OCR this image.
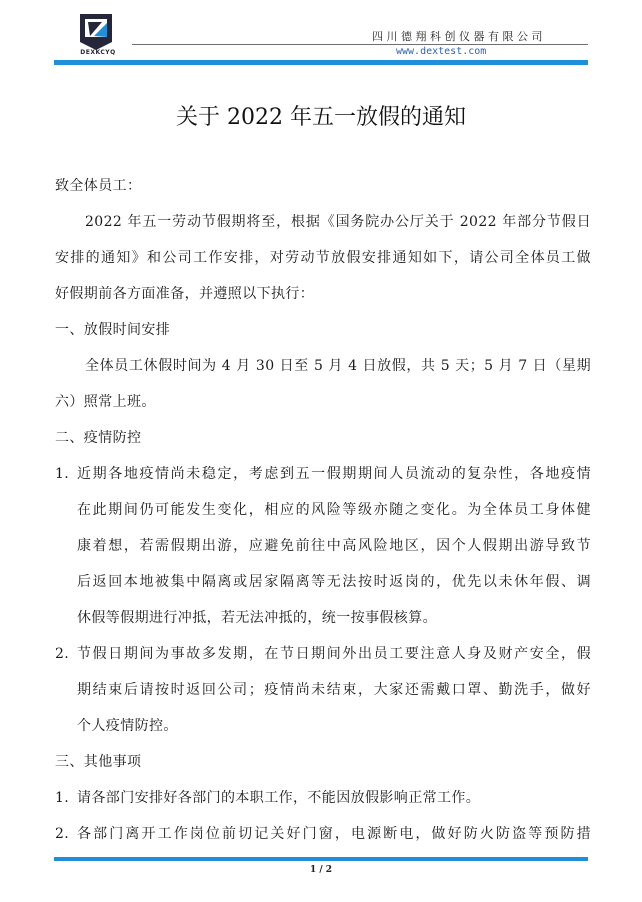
DEXKCYQ
四川德翔科创仪器有限公司
www.dextest.com
关于 2022 年五一放假的通知
致全体员工：
2022 年五一劳动节假期将至，根据《国务院办公厅关于 2022 年部分节假日
安排的通知》和公司工作安排，对劳动节放假安排通知如下，请公司全体员工做
好假期前各方面准备，并遵照以下执行：
一、放假时间安排
全体员工休假时间为 4 月 30 日至 5 月 4 日放假，共 5 天；5 月 7 日（星期
六）照常上班。
二、疫情防控
1. 近期各地疫情尚未稳定，考虑到五一假期期间人员流动的复杂性，各地疫情
在此期间仍可能发生变化，相应的风险等级亦随之变化。为全体员工身体健
康着想，若需假期出游，应避免前往中高风险地区，因个人假期出游导致节
后返回本地被集中隔离或居家隔离等无法按时返岗的，优先以未休年假、调
休假等假期进行冲抵，若无法冲抵的，统一按事假核算。
2. 节假日期间为事故多发期，在节日期间外出员工要注意人身及财产安全，假
期结束后请按时返回公司；疫情尚未结束，大家还需戴口罩、勤洗手，做好
个人疫情防控。
三、其他事项
1. 请各部门安排好各部门的本职工作，不能因放假影响正常工作。
2. 各部门离开工作岗位前切记关好门窗，电源断电，做好防火防盗等预防措
1 / 2
